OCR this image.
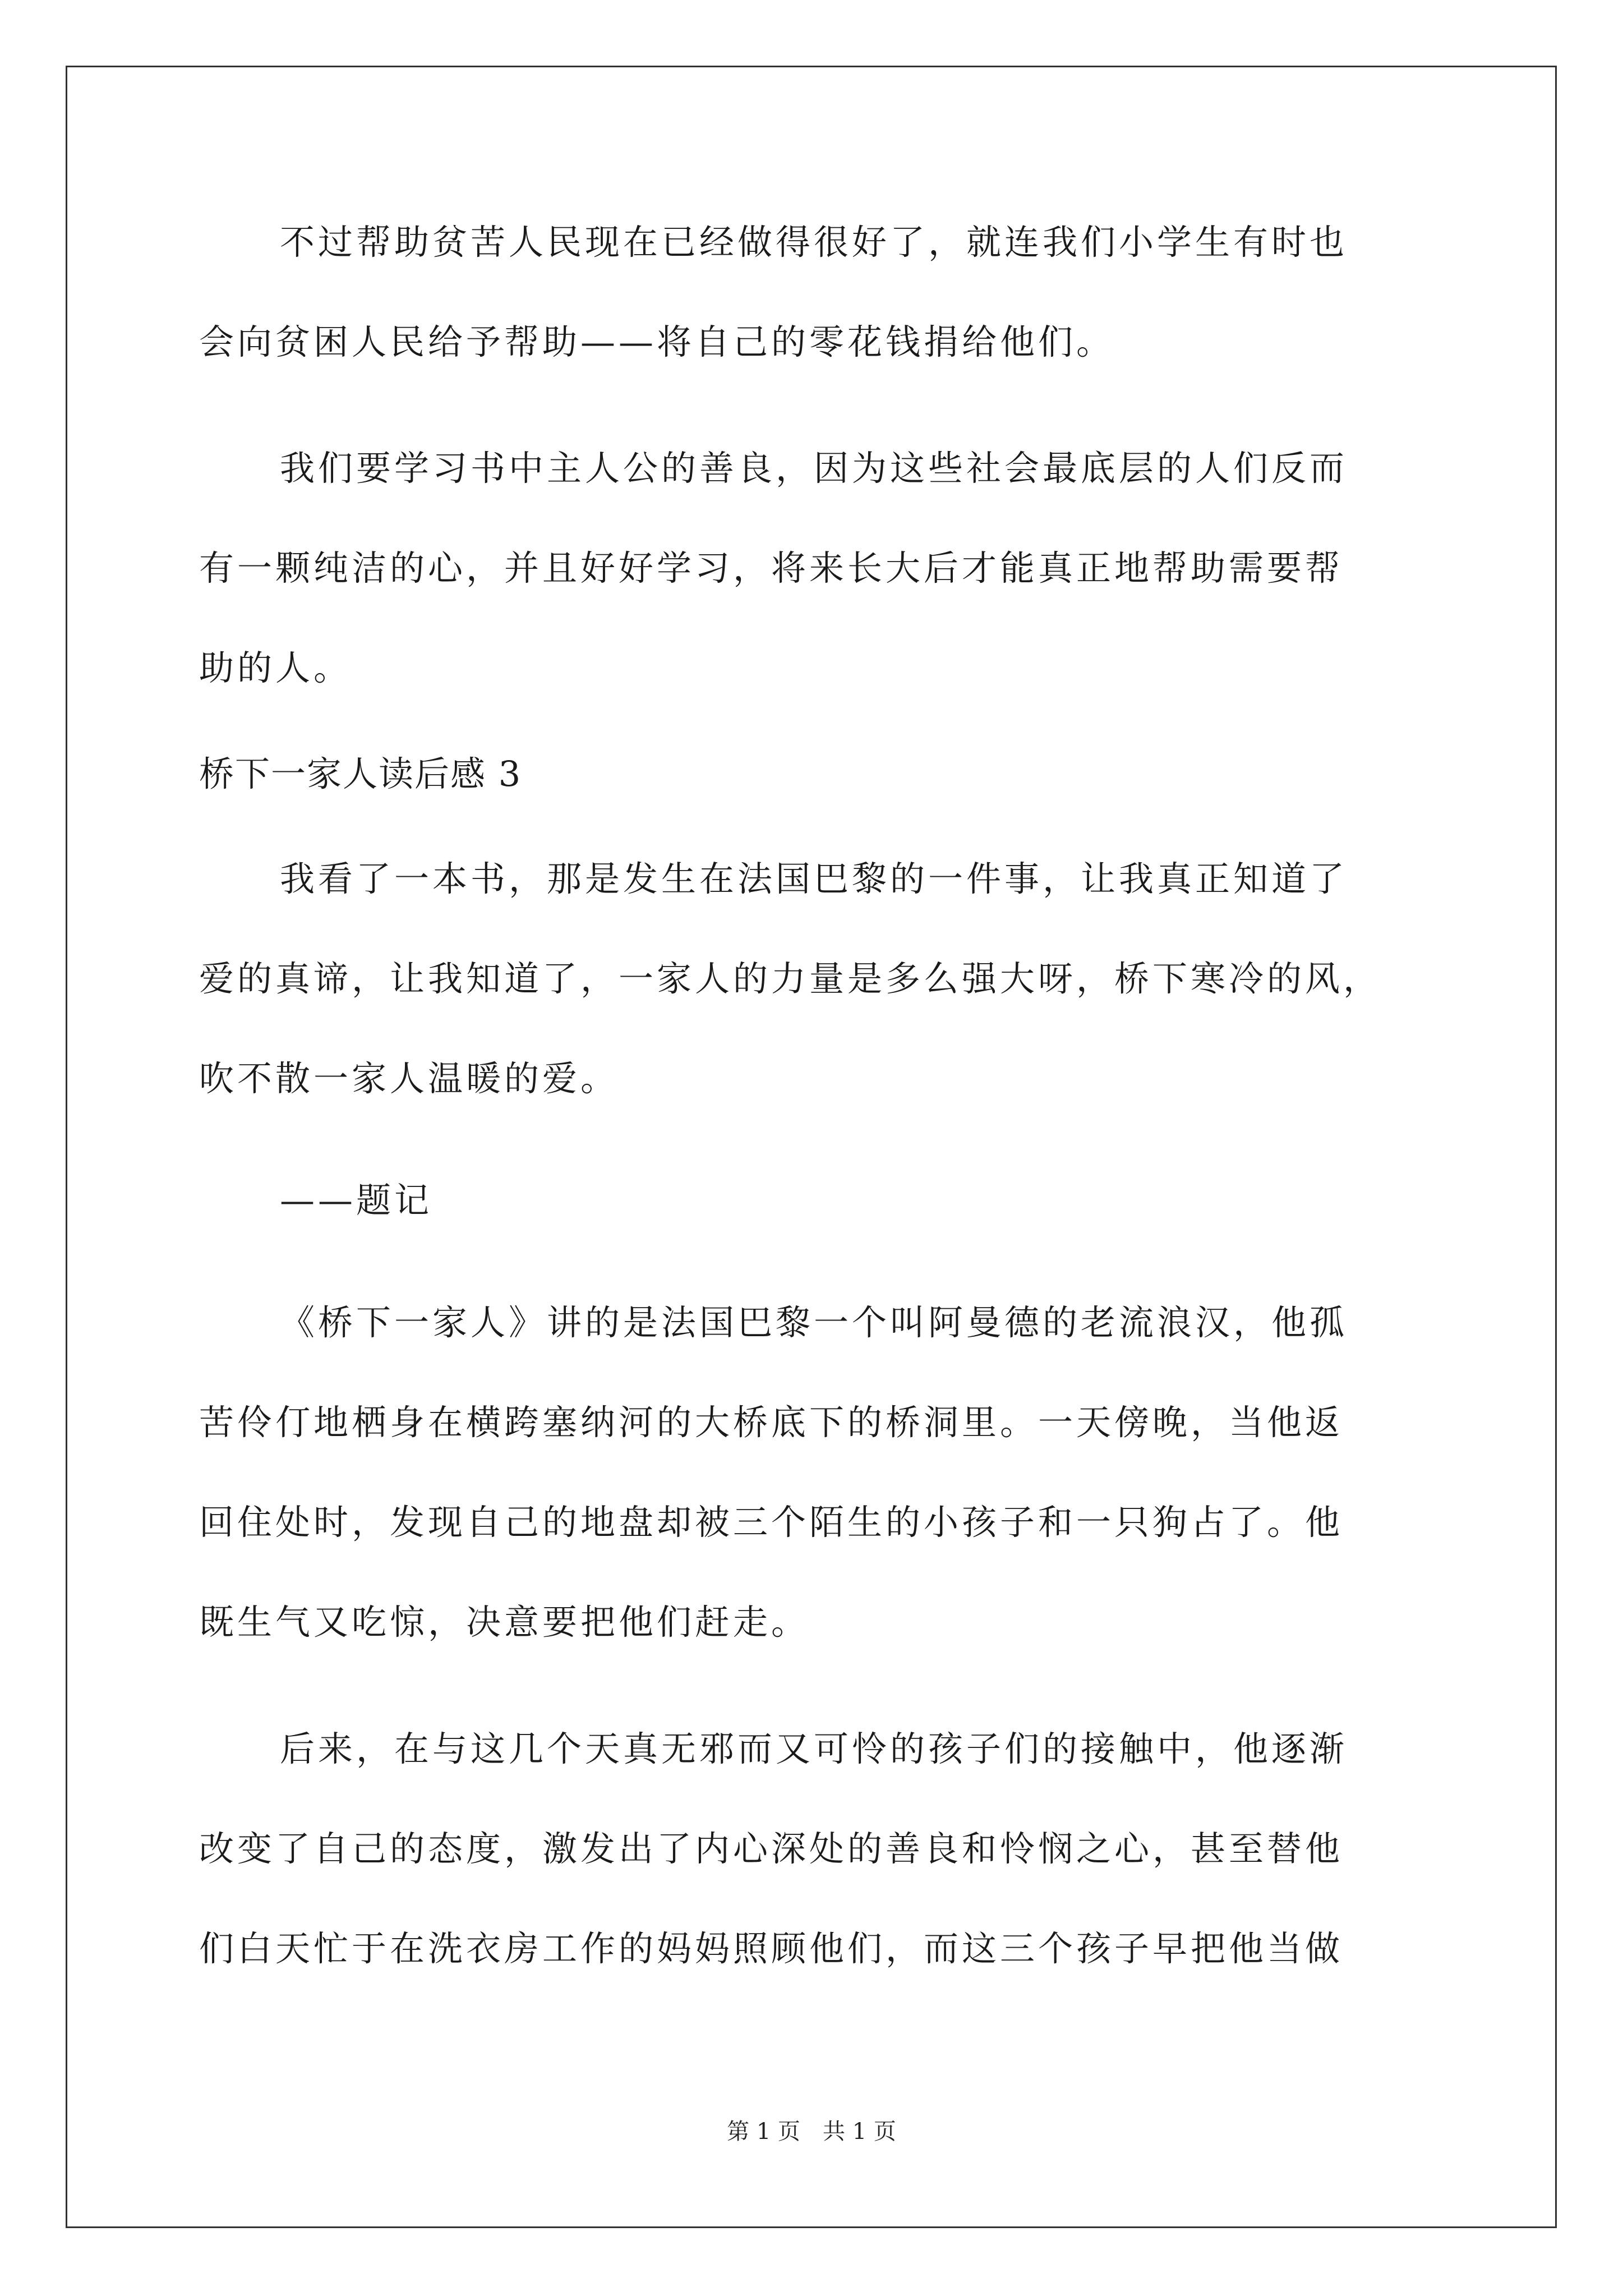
不过帮助贫苦人民现在已经做得很好了，就连我们小学生有时也
会向贫困人民给予帮助——将自己的零花钱捐给他们。
我们要学习书中主人公的善良，因为这些社会最底层的人们反而
有一颗纯洁的心，并且好好学习，将来长大后才能真正地帮助需要帮
助的人。
桥下一家人读后感 3
我看了一本书，那是发生在法国巴黎的一件事，让我真正知道了
爱的真谛，让我知道了，一家人的力量是多么强大呀，桥下寒冷的风，
吹不散一家人温暖的爱。
——题记
《桥下一家人》讲的是法国巴黎一个叫阿曼德的老流浪汉，他孤
苦伶仃地栖身在横跨塞纳河的大桥底下的桥洞里。一天傍晚，当他返
回住处时，发现自己的地盘却被三个陌生的小孩子和一只狗占了。他
既生气又吃惊，决意要把他们赶走。
后来，在与这几个天真无邪而又可怜的孩子们的接触中，他逐渐
改变了自己的态度，激发出了内心深处的善良和怜悯之心，甚至替他
们白天忙于在洗衣房工作的妈妈照顾他们，而这三个孩子早把他当做
第 1 页 共 1 页
